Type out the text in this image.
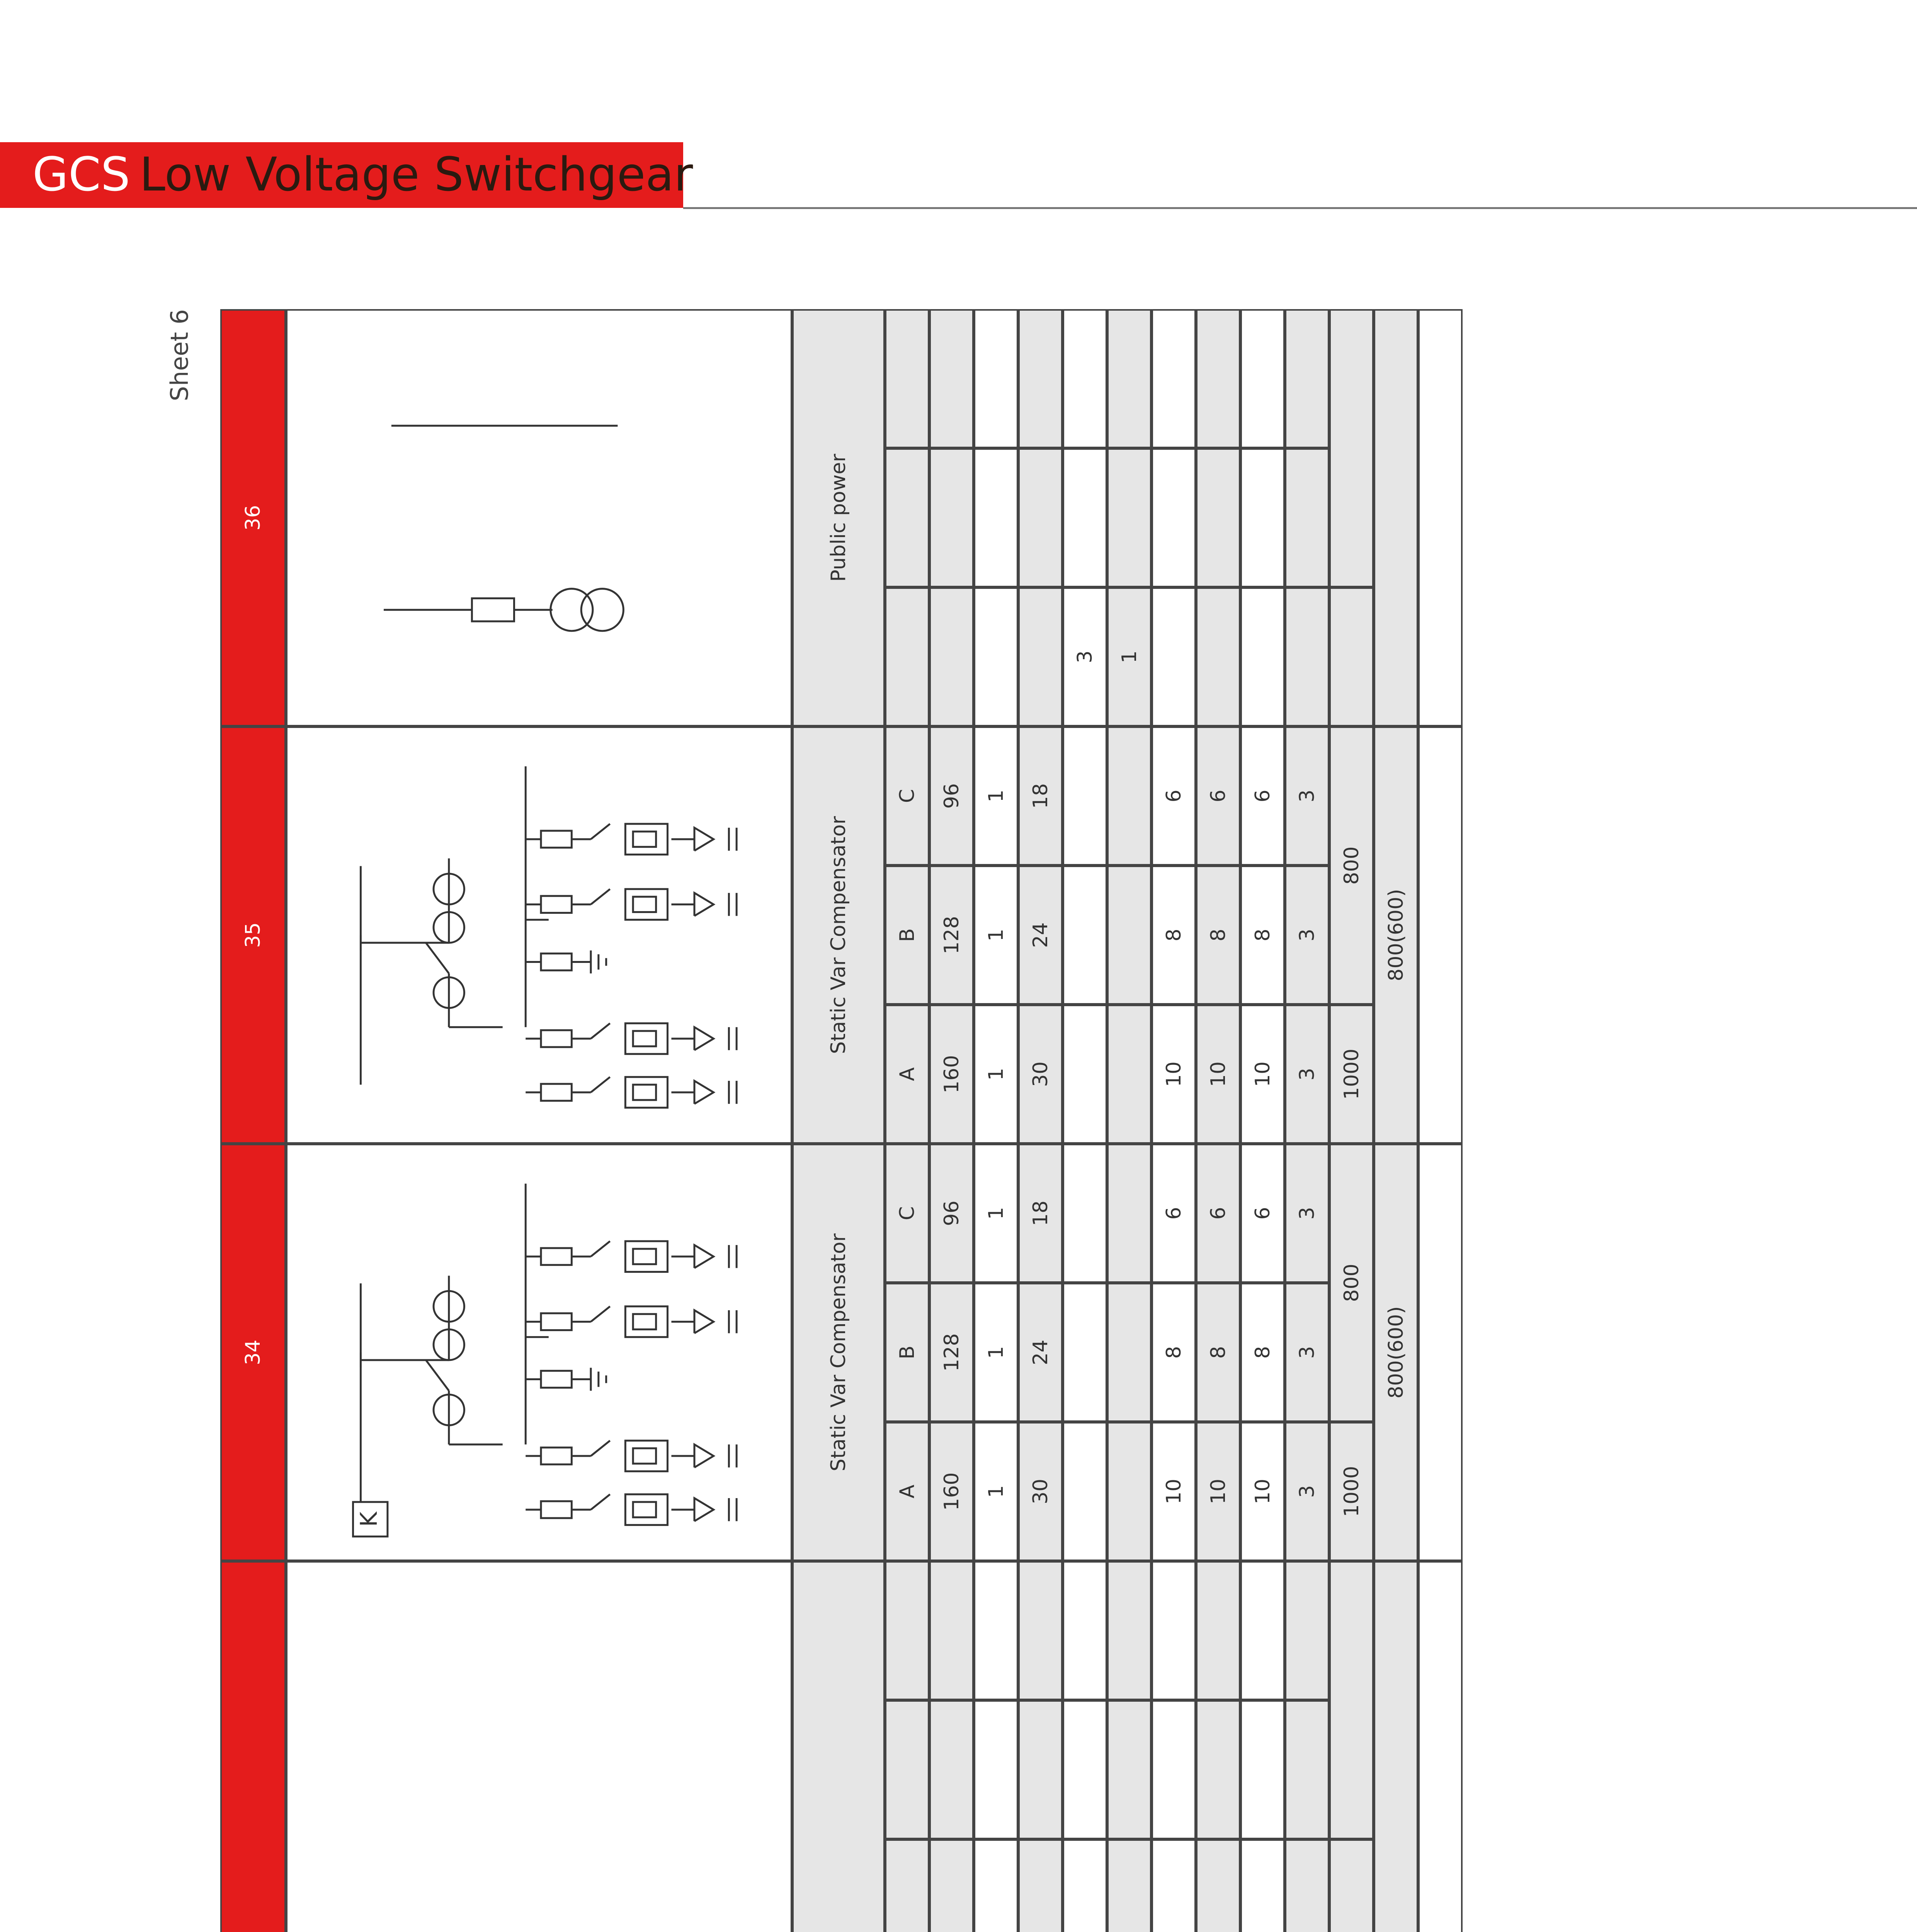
GCS Low Voltage Switchgear
Sheet 6
34
K
Static Var Compensator
A
B
C
160
128
96
1
1
1
30
24
18
10
8
6
10
8
6
10
8
6
3
3
3
1000
800
800(600)
35	Static Var Compensator
A
B
C
160
128
96
1
1
1
30
24
18
10
8
6
10
8
6
10
8
6
3
3
3
1000
800
800(600)
36	Public power
3 1
